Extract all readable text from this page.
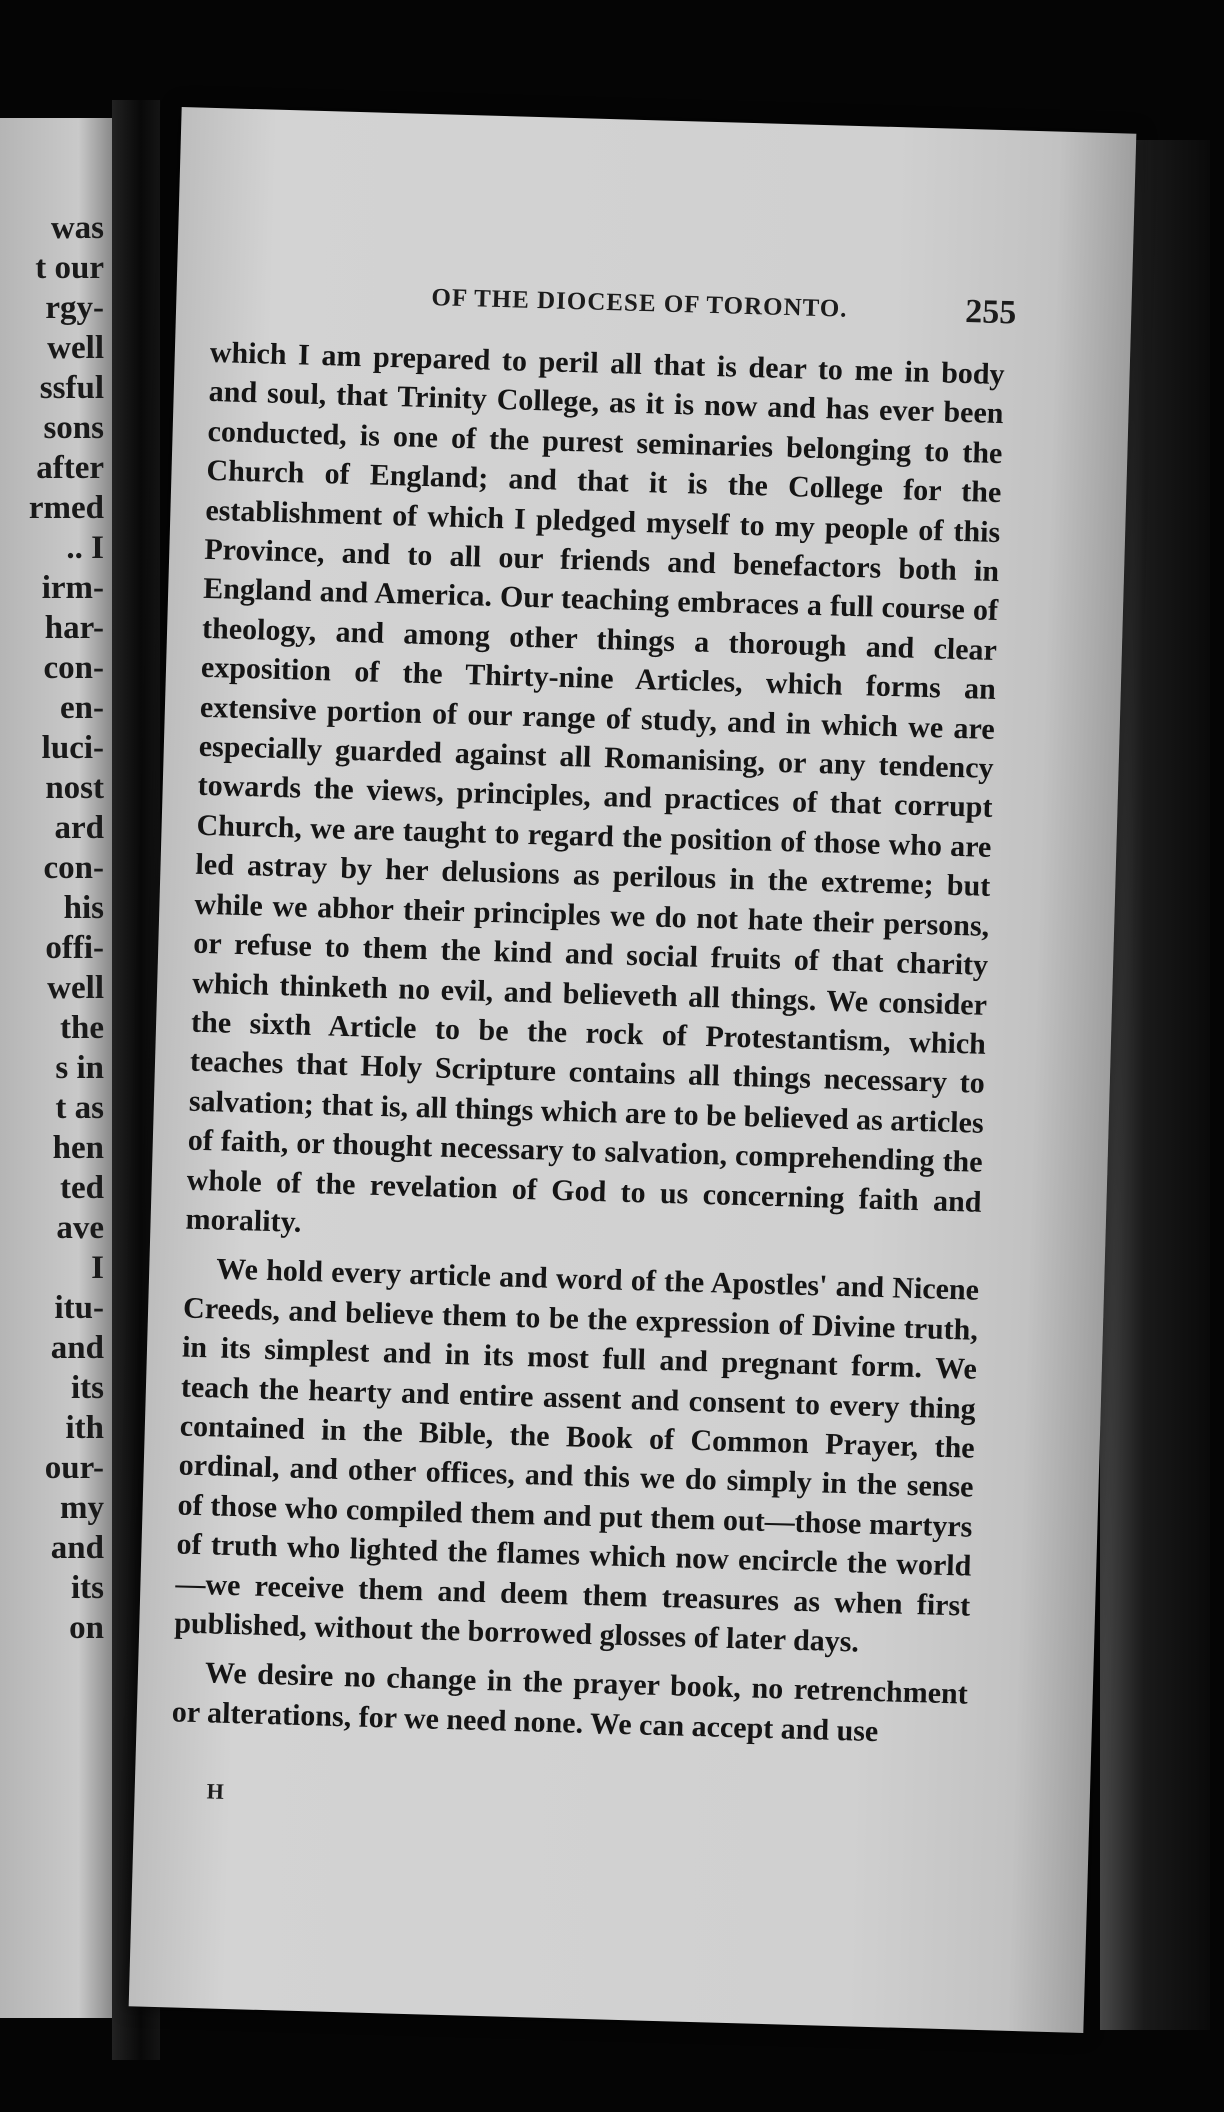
was

t our

rgy-

well

ssful

sons

after

rmed

.. I

irm-

har-

con-

en-

luci-

nost

ard

con-

his

offi-

well

the

s in

t as

hen

ted

ave

I

itu-

and

its

ith

our-

my

and

its

on

OF THE DIOCESE OF TORONTO.	255

which I am prepared to peril all that is dear to me in body and soul, that Trinity College, as it is now and has ever been conducted, is one of the purest seminaries belonging to the Church of England; and that it is the College for the establishment of which I pledged myself to my people of this Province, and to all our friends and benefactors both in England and America. Our teaching embraces a full course of theology, and among other things a thorough and clear exposition of the Thirty-nine Articles, which forms an extensive portion of our range of study, and in which we are especially guarded against all Romanising, or any tendency towards the views, principles, and practices of that corrupt Church, we are taught to regard the position of those who are led astray by her delusions as perilous in the extreme; but while we abhor their principles we do not hate their persons, or refuse to them the kind and social fruits of that charity which thinketh no evil, and believeth all things. We consider the sixth Article to be the rock of Protestantism, which teaches that Holy Scripture contains all things necessary to salvation; that is, all things which are to be believed as articles of faith, or thought necessary to salvation, comprehending the whole of the revelation of God to us concerning faith and morality.

We hold every article and word of the Apostles' and Nicene Creeds, and believe them to be the expression of Divine truth, in its simplest and in its most full and pregnant form. We teach the hearty and entire assent and consent to every thing contained in the Bible, the Book of Common Prayer, the ordinal, and other offices, and this we do simply in the sense of those who compiled them and put them out—those martyrs of truth who lighted the flames which now encircle the world—we receive them and deem them treasures as when first published, without the borrowed glosses of later days.

We desire no change in the prayer book, no retrenchment or alterations, for we need none. We can accept and use

H
